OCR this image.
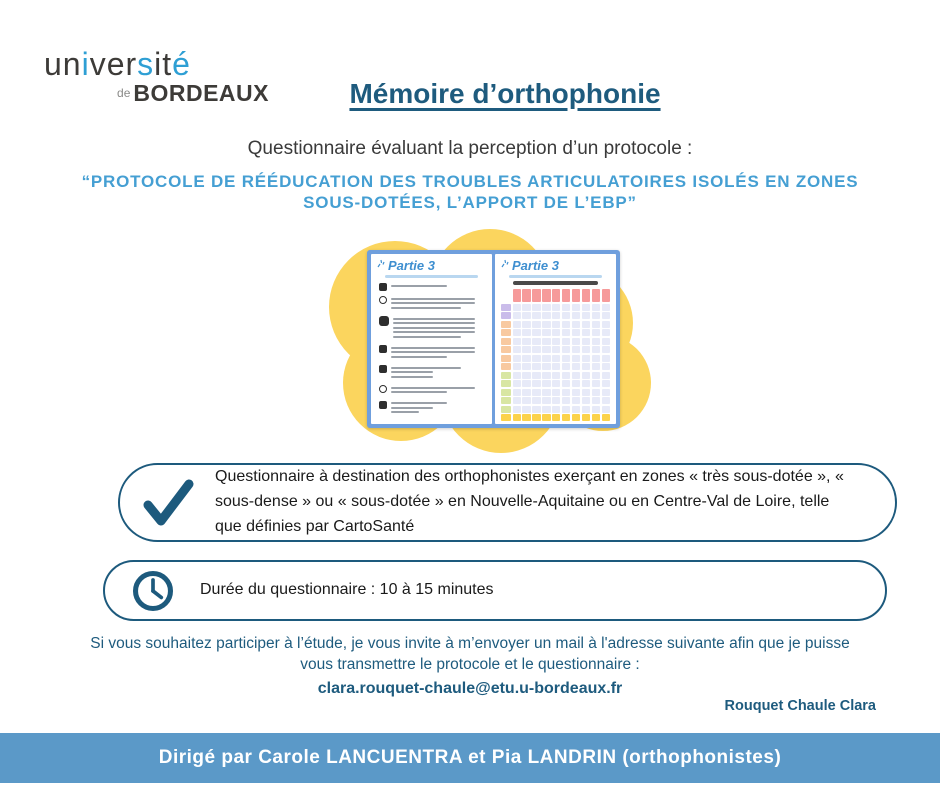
université
$^{de}$ BORDEAUX	Mémoire d’orthophonie
Questionnaire évaluant la perception d’un protocole :
“PROTOCOLE DE RÉÉDUCATION DES TROUBLES ARTICULATOIRES ISOLÉS EN ZONES SOUS-DOTÉES, L’APPORT DE L’EBP”
Partie 3	Partie 3
Questionnaire à destination des orthophonistes exerçant en zones « très sous-dotée », « sous-dense » ou « sous-dotée » en Nouvelle-Aquitaine ou en Centre-Val de Loire, telle que définies par CartoSanté
Durée du questionnaire : 10 à 15 minutes
Si vous souhaitez participer à l’étude, je vous invite à m’envoyer un mail à l'adresse suivante afin que je puisse
vous transmettre le protocole et le questionnaire :
clara.rouquet-chaule@etu.u-bordeaux.fr
Rouquet Chaule Clara
Dirigé par Carole LANCUENTRA et Pia LANDRIN (orthophonistes)
